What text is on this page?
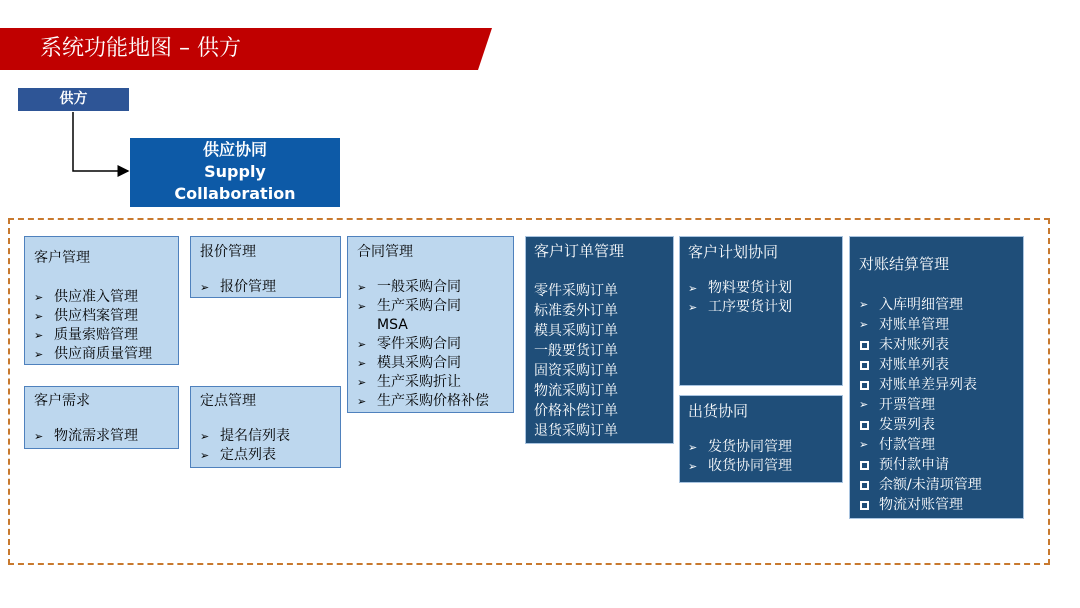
系统功能地图 – 供方
供方
供应协同
Supply
Collaboration
客户管理
➢ 供应准入管理
➢ 供应档案管理
➢ 质量索赔管理
➢ 供应商质量管理
客户需求
➢ 物流需求管理
报价管理
➢ 报价管理
定点管理
➢ 提名信列表
➢ 定点列表
合同管理
➢ 一般采购合同
➢ 生产采购合同
MSA
➢ 零件采购合同
➢ 模具采购合同
➢ 生产采购折让
➢ 生产采购价格补偿
客户订单管理
零件采购订单
标准委外订单
模具采购订单
一般要货订单
固资采购订单
物流采购订单
价格补偿订单
退货采购订单
客户计划协同
➢ 物料要货计划
➢ 工序要货计划
出货协同
➢ 发货协同管理
➢ 收货协同管理
对账结算管理
➢ 入库明细管理
➢ 对账单管理
未对账列表
对账单列表
对账单差异列表
➢ 开票管理
发票列表
➢ 付款管理
预付款申请
余额/未清项管理
物流对账管理
